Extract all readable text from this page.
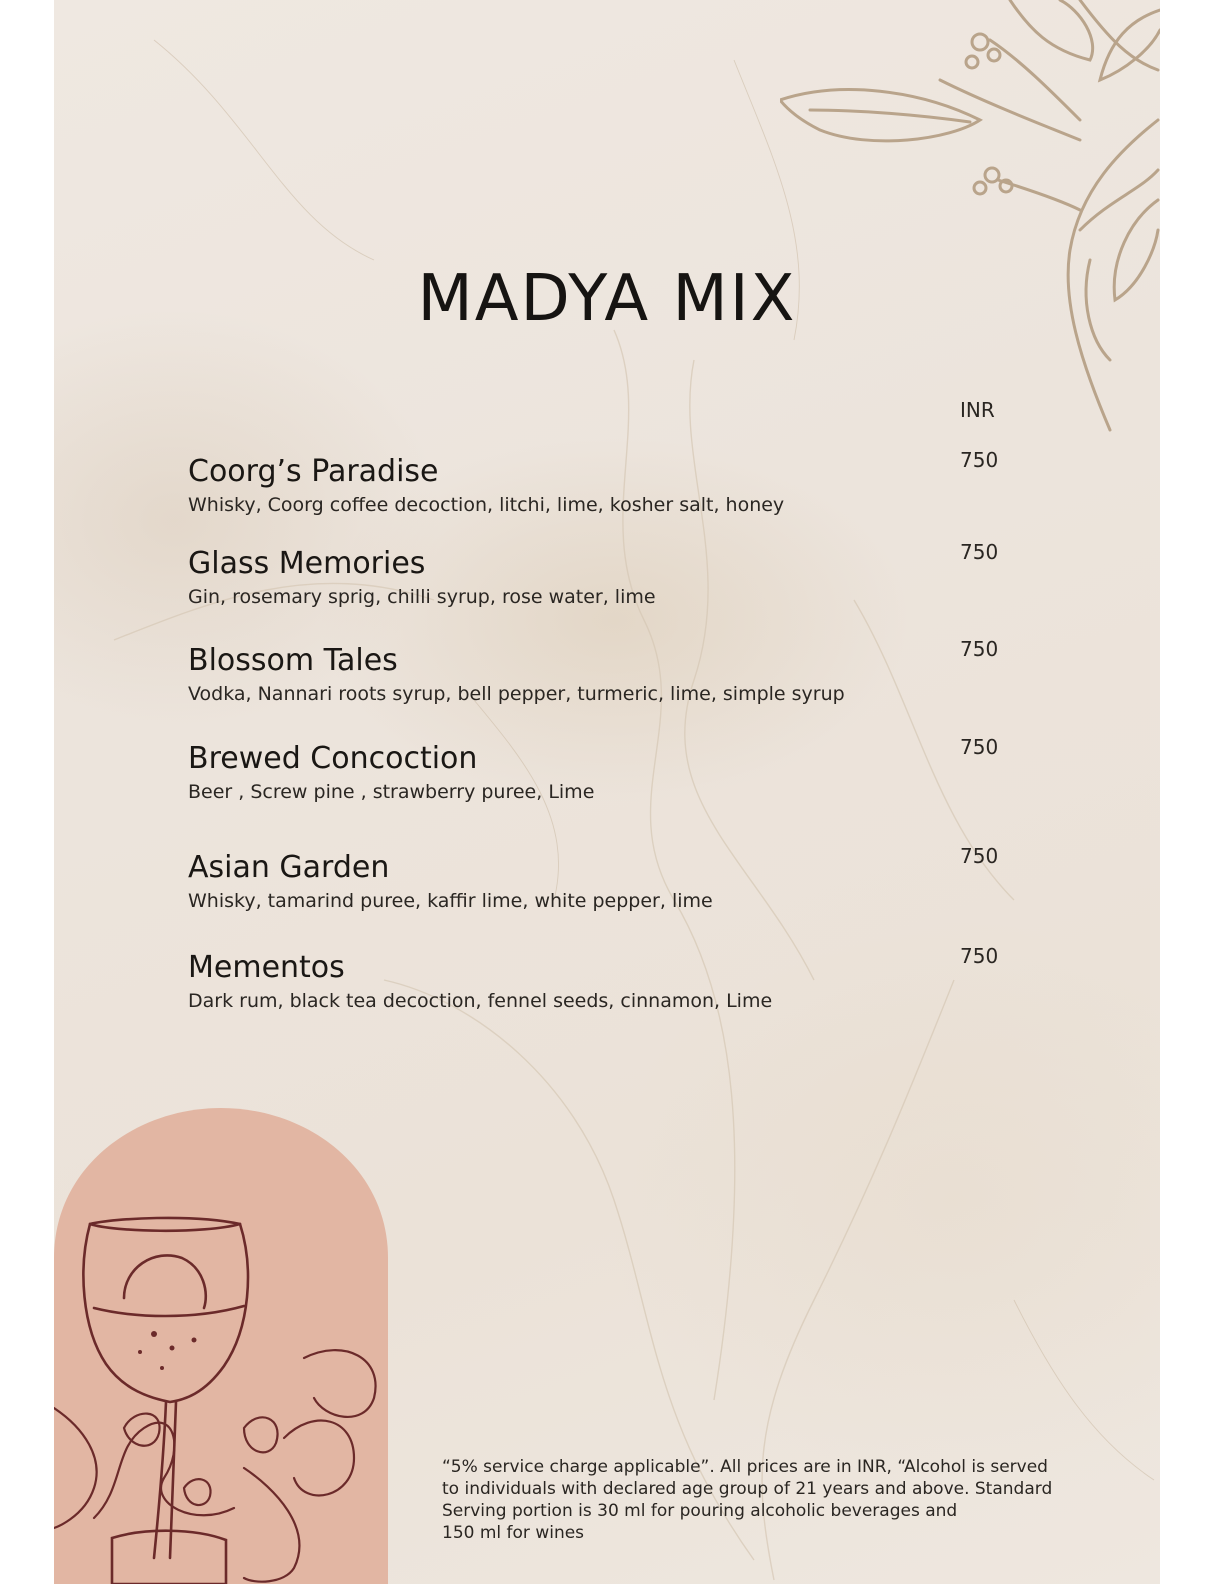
MADYA MIX
INR
Coorg’s Paradise
Whisky, Coorg coffee decoction, litchi, lime, kosher salt, honey
750
Glass Memories
Gin, rosemary sprig, chilli syrup, rose water, lime
750
Blossom Tales
Vodka, Nannari roots syrup, bell pepper, turmeric, lime, simple syrup
750
Brewed Concoction
Beer , Screw pine , strawberry puree, Lime
750
Asian Garden
Whisky, tamarind puree, kaffir lime, white pepper, lime
750
Mementos
Dark rum, black tea decoction, fennel seeds, cinnamon, Lime
750
“5% service charge applicable”. All prices are in INR, “Alcohol is served
to individuals with declared age group of 21 years and above. Standard
Serving portion is 30 ml for pouring alcoholic beverages and
150 ml for wines
